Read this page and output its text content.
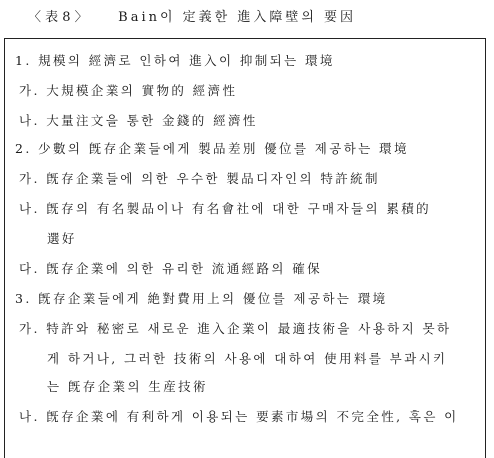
〈 表 8 〉 Bain이 定義한 進入障壁의 要因
1. 規模의 經濟로 인하여 進入이 抑制되는 環境
가. 大規模企業의 實物的 經濟性
나. 大量注文을 통한 金錢的 經濟性
2. 少數의 旣存企業들에게 製品差別 優位를 제공하는 環境
가. 旣存企業들에 의한 우수한 製品디자인의 特許統制
나. 旣存의 有名製品이나 有名會社에 대한 구매자들의 累積的
選好
다. 旣存企業에 의한 유리한 流通經路의 確保
3. 旣存企業들에게 絶對費用上의 優位를 제공하는 環境
가. 特許와 秘密로 새로운 進入企業이 最適技術을 사용하지 못하
게 하거나, 그러한 技術의 사용에 대하여 使用料를 부과시키
는 旣存企業의 生産技術
나. 旣存企業에 有利하게 이용되는 要素市場의 不完全性, 혹은 이
